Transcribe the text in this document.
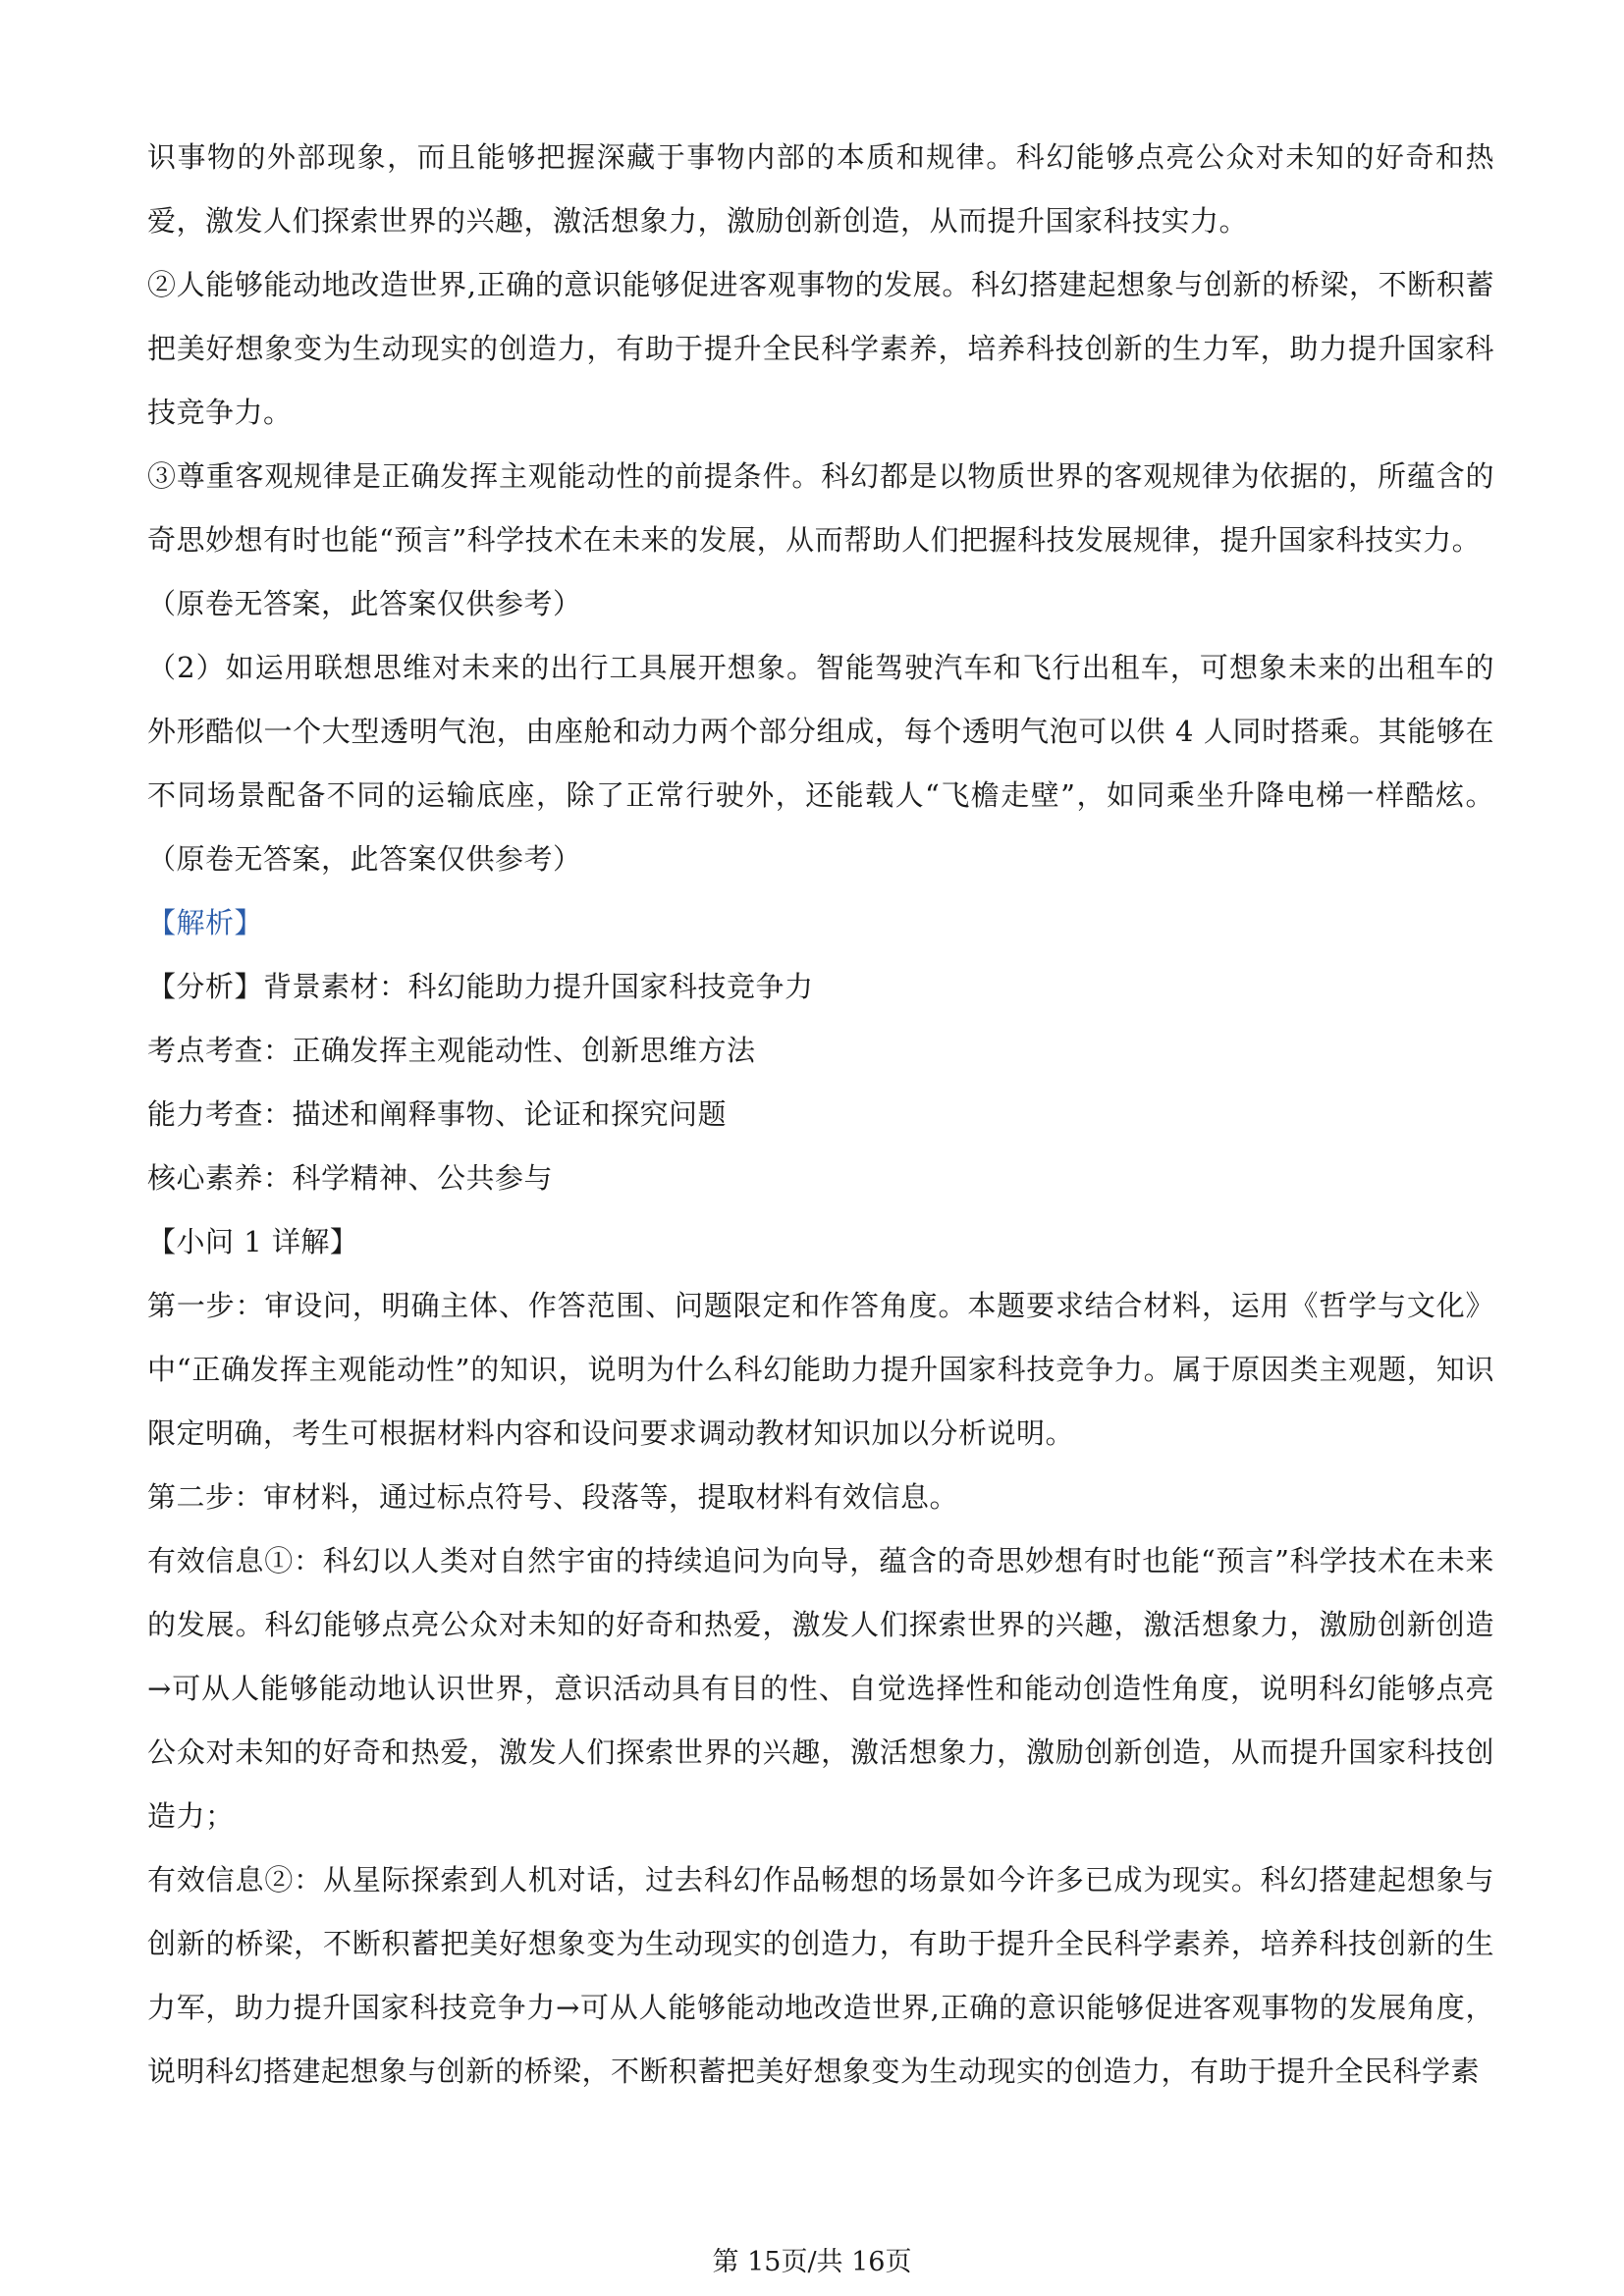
识事物的外部现象，而且能够把握深藏于事物内部的本质和规律。科幻能够点亮公众对未知的好奇和热爱，激发人们探索世界的兴趣，激活想象力，激励创新创造，从而提升国家科技实力。

②人能够能动地改造世界,正确的意识能够促进客观事物的发展。科幻搭建起想象与创新的桥梁，不断积蓄把美好想象变为生动现实的创造力，有助于提升全民科学素养，培养科技创新的生力军，助力提升国家科技竞争力。

③尊重客观规律是正确发挥主观能动性的前提条件。科幻都是以物质世界的客观规律为依据的，所蕴含的奇思妙想有时也能“预言”科学技术在未来的发展，从而帮助人们把握科技发展规律，提升国家科技实力。

（原卷无答案，此答案仅供参考）

（2）如运用联想思维对未来的出行工具展开想象。智能驾驶汽车和飞行出租车，可想象未来的出租车的外形酷似一个大型透明气泡，由座舱和动力两个部分组成，每个透明气泡可以供 4 人同时搭乘。其能够在不同场景配备不同的运输底座，除了正常行驶外，还能载人“飞檐走壁”，如同乘坐升降电梯一样酷炫。（原卷无答案，此答案仅供参考）

【解析】

【分析】背景素材：科幻能助力提升国家科技竞争力

考点考查：正确发挥主观能动性、创新思维方法

能力考查：描述和阐释事物、论证和探究问题

核心素养：科学精神、公共参与

【小问 1 详解】

第一步：审设问，明确主体、作答范围、问题限定和作答角度。本题要求结合材料，运用《哲学与文化》中“正确发挥主观能动性”的知识，说明为什么科幻能助力提升国家科技竞争力。属于原因类主观题，知识限定明确，考生可根据材料内容和设问要求调动教材知识加以分析说明。

第二步：审材料，通过标点符号、段落等，提取材料有效信息。

有效信息①：科幻以人类对自然宇宙的持续追问为向导，蕴含的奇思妙想有时也能“预言”科学技术在未来的发展。科幻能够点亮公众对未知的好奇和热爱，激发人们探索世界的兴趣，激活想象力，激励创新创造→可从人能够能动地认识世界，意识活动具有目的性、自觉选择性和能动创造性角度，说明科幻能够点亮公众对未知的好奇和热爱，激发人们探索世界的兴趣，激活想象力，激励创新创造，从而提升国家科技创造力；

有效信息②：从星际探索到人机对话，过去科幻作品畅想的场景如今许多已成为现实。科幻搭建起想象与创新的桥梁，不断积蓄把美好想象变为生动现实的创造力，有助于提升全民科学素养，培养科技创新的生力军，助力提升国家科技竞争力→可从人能够能动地改造世界,正确的意识能够促进客观事物的发展角度，说明科幻搭建起想象与创新的桥梁，不断积蓄把美好想象变为生动现实的创造力，有助于提升全民科学素

第 15页/共 16页
